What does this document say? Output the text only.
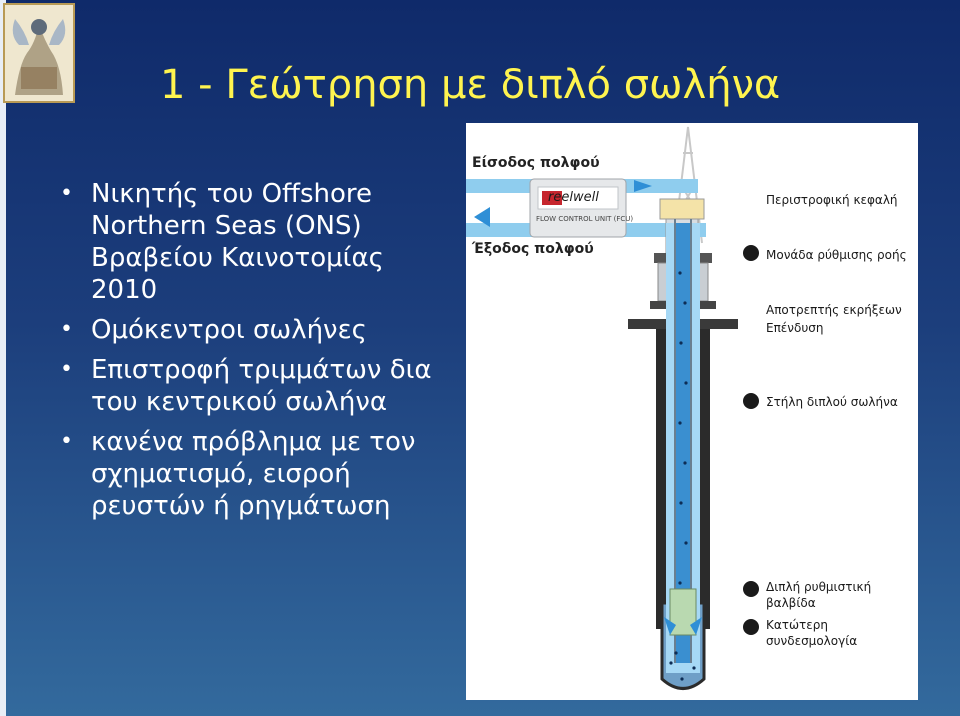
1 - Γεώτρηση με διπλό σωλήνα
• Νικητής του Offshore Northern Seas (ONS) Βραβείου Καινοτομίας 2010
• Ομόκεντροι σωλήνες
• Επιστροφή τριμμάτων δια του κεντρικού σωλήνα
• κανένα πρόβλημα με τον σχηματισμό, εισροή ρευστών ή ρηγμάτωση
Είσοδος πολφού
Έξοδος πολφού
reelwell
FLOW CONTROL UNIT (FCU)
Περιστροφική κεφαλή
Μονάδα ρύθμισης ροής
Αποτρεπτής εκρήξεων
Επένδυση
Στήλη διπλού σωλήνα
Διπλή ρυθμιστική
βαλβίδα
Κατώτερη
συνδεσμολογία
